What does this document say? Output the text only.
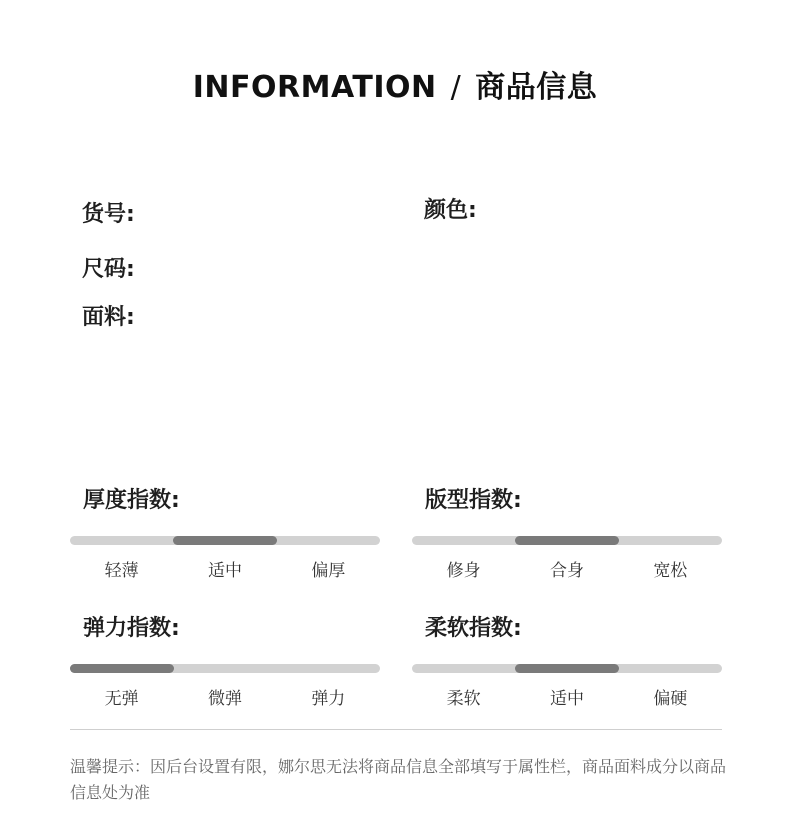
INFORMATION / 商品信息
货号:	颜色:
尺码:
面料:
厚度指数:
轻薄	适中	偏厚
版型指数:
修身	合身	宽松
弹力指数:
无弹	微弹	弹力
柔软指数:
柔软	适中	偏硬
温馨提示：因后台设置有限，娜尔思无法将商品信息全部填写于属性栏，商品面料成分以商品信息处为准
